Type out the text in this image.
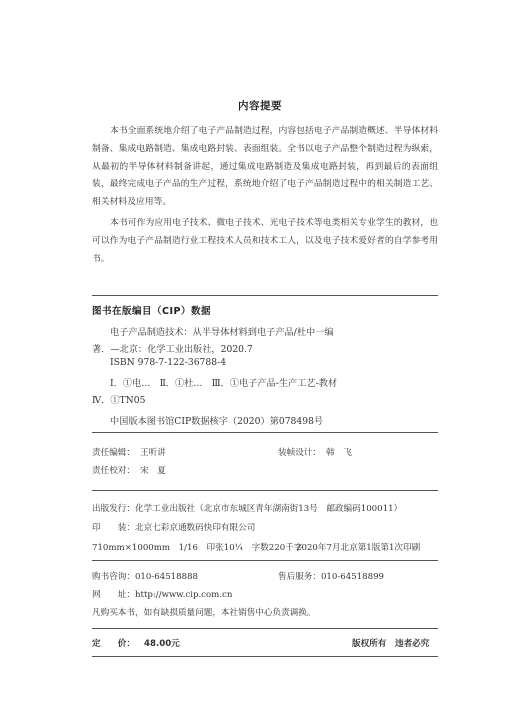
内容提要
本书全面系统地介绍了电子产品制造过程，内容包括电子产品制造概述、半导体材料制备、集成电路制造、集成电路封装、表面组装。全书以电子产品整个制造过程为纵索，从最初的半导体材料制备讲起，通过集成电路制造及集成电路封装，再到最后的表面组装，最终完成电子产品的生产过程，系统地介绍了电子产品制造过程中的相关制造工艺、相关材料及应用等。
本书可作为应用电子技术、微电子技术、光电子技术等电类相关专业学生的教材，也可以作为电子产品制造行业工程技术人员和技术工人，以及电子技术爱好者的自学参考用书。
图书在版编目（CIP）数据
电子产品制造技术：从半导体材料到电子产品/杜中一编
著．—北京：化学工业出版社，2020.7
ISBN 978-7-122-36788-4
Ⅰ．①电…　Ⅱ．①杜…　Ⅲ．①电子产品-生产工艺-教材
Ⅳ．①TN05
中国版本图书馆CIP数据核字（2020）第078498号
责任编辑： 王听讲	装帧设计： 韩　飞
责任校对： 宋　夏
出版发行：化学工业出版社（北京市东城区青年湖南街13号　邮政编码100011）
印　　装：北京七彩京通数码快印有限公司
710mm×1000mm　1/16　印张10¼　字数220千字
2020年7月北京第1版第1次印刷
购书咨询：010-64518888	售后服务：010-64518899
网　　址：http://www.cip.com.cn
凡购买本书，如有缺损质量问题，本社销售中心负责调换。
定　　价： 48.00元	版权所有　违者必究
